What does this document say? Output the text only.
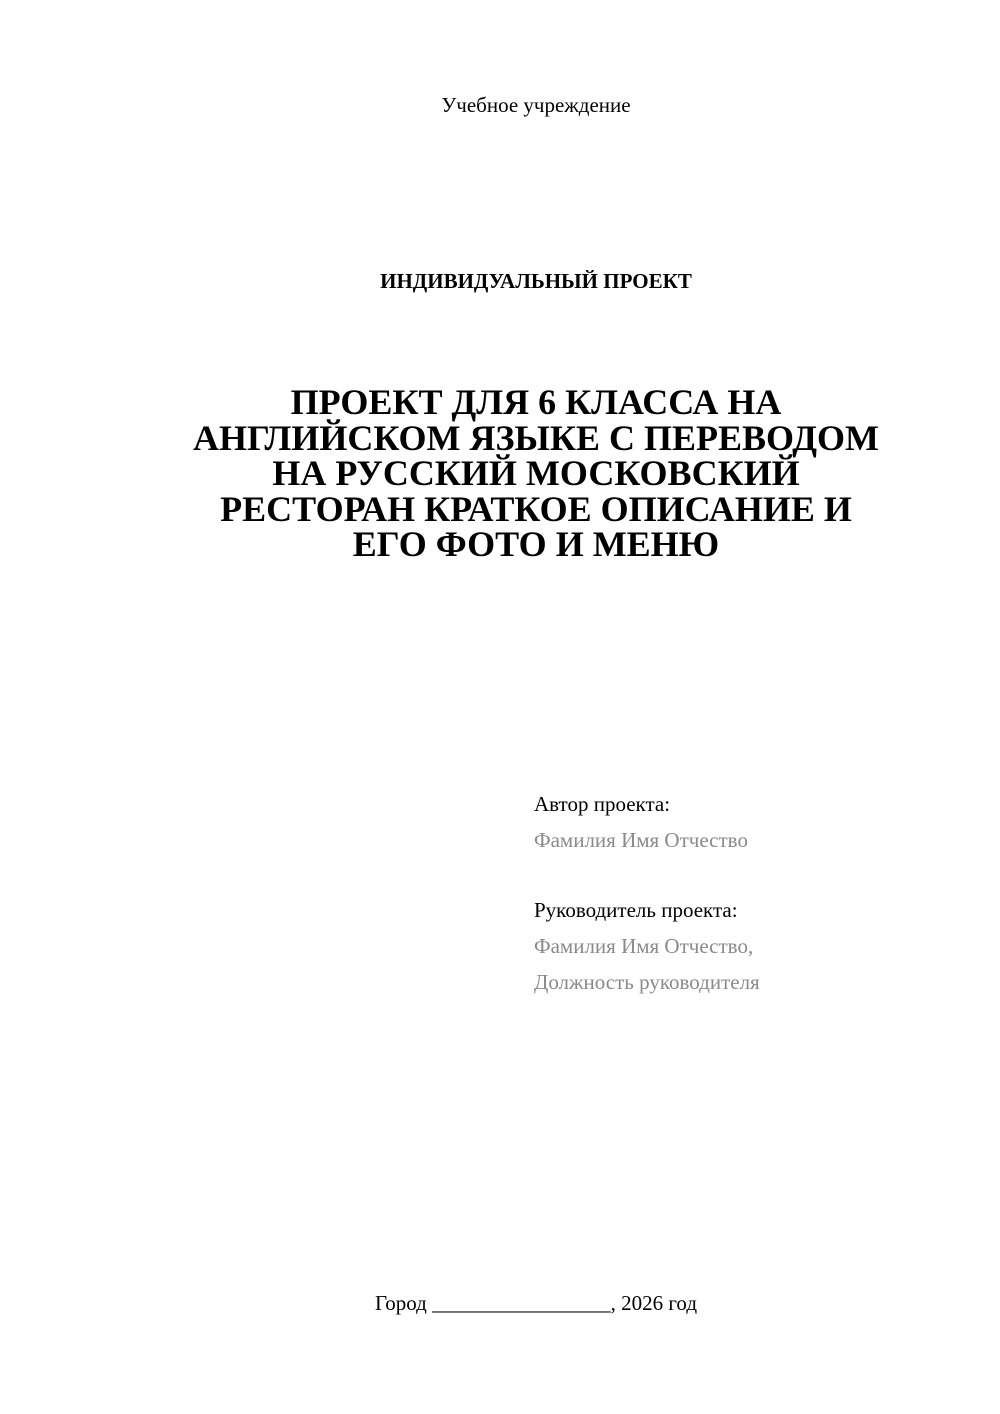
Учебное учреждение
ИНДИВИДУАЛЬНЫЙ ПРОЕКТ
ПРОЕКТ ДЛЯ 6 КЛАССА НА
АНГЛИЙСКОМ ЯЗЫКЕ С ПЕРЕВОДОМ
НА РУССКИЙ МОСКОВСКИЙ
РЕСТОРАН КРАТКОЕ ОПИСАНИЕ И
ЕГО ФОТО И МЕНЮ
Автор проекта:
Фамилия Имя Отчество
Руководитель проекта:
Фамилия Имя Отчество,
Должность руководителя
Город _________________, 2026 год
